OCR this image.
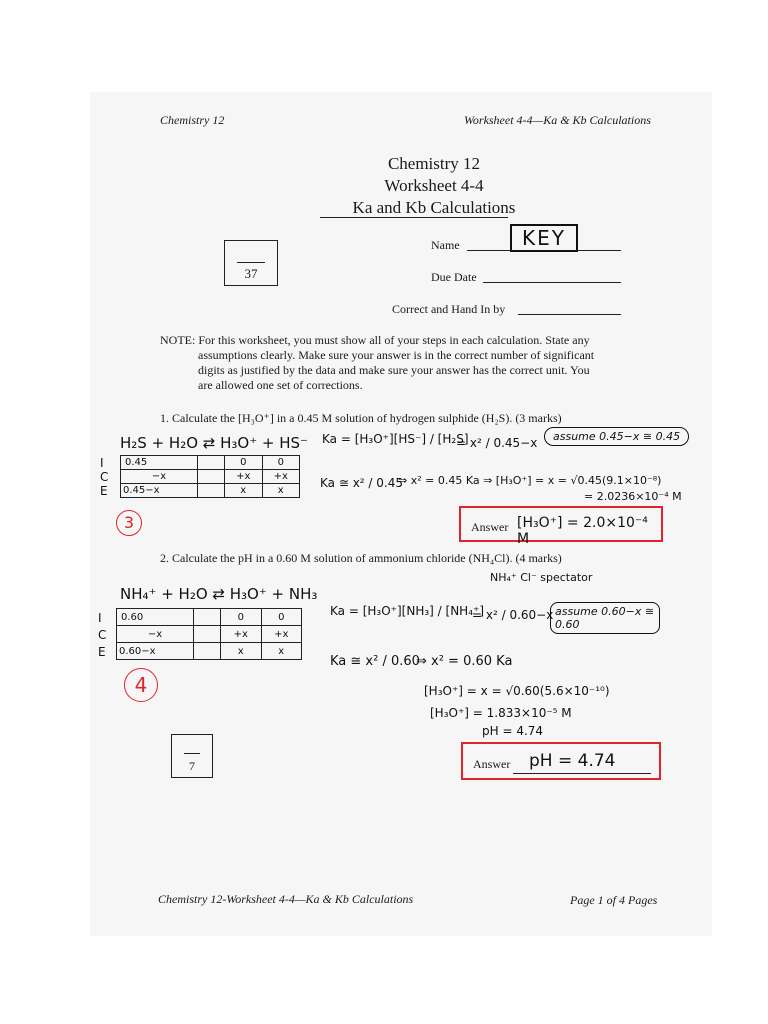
Chemistry 12	Worksheet 4-4—Ka & Kb Calculations
Chemistry 12
Worksheet 4-4
Ka and Kb Calculations
37
Name	KEY
Due Date
Correct and Hand In by
NOTE: For this worksheet, you must show all of your steps in each calculation. State any
assumptions clearly. Make sure your answer is in the correct number of significant
digits as justified by the data and make sure your answer has the correct unit. You
are allowed one set of corrections.
1. Calculate the [H₃O⁺] in a 0.45 M solution of hydrogen sulphide (H₂S). (3 marks)
H₂S + H₂O ⇄ H₃O⁺ + HS⁻
I
C
E
0.45		0	0
−x		+x	+x
0.45−x		x	x
3
Ka = [H₃O⁺][HS⁻] / [H₂S]
= x² / 0.45−x	assume 0.45−x ≅ 0.45
Ka ≅ x² / 0.45
⇒ x² = 0.45 Ka ⇒ [H₃O⁺] = x = √0.45(9.1×10⁻⁸)
= 2.0236×10⁻⁴ M
Answer [H₃O⁺] = 2.0×10⁻⁴ M
2. Calculate the pH in a 0.60 M solution of ammonium chloride (NH₄Cl). (4 marks)
NH₄⁺ Cl⁻ spectator
NH₄⁺ + H₂O ⇄ H₃O⁺ + NH₃
I
C
E
0.60		0	0
−x		+x	+x
0.60−x		x	x
4
Ka = [H₃O⁺][NH₃] / [NH₄⁺]
= x² / 0.60−x assume 0.60−x ≅ 0.60
Ka ≅ x² / 0.60
⇒ x² = 0.60 Ka
[H₃O⁺] = x = √0.60(5.6×10⁻¹⁰)
[H₃O⁺] = 1.833×10⁻⁵ M
pH = 4.74
7	Answer pH = 4.74
Chemistry 12-Worksheet 4-4—Ka & Kb Calculations	Page 1 of 4 Pages
